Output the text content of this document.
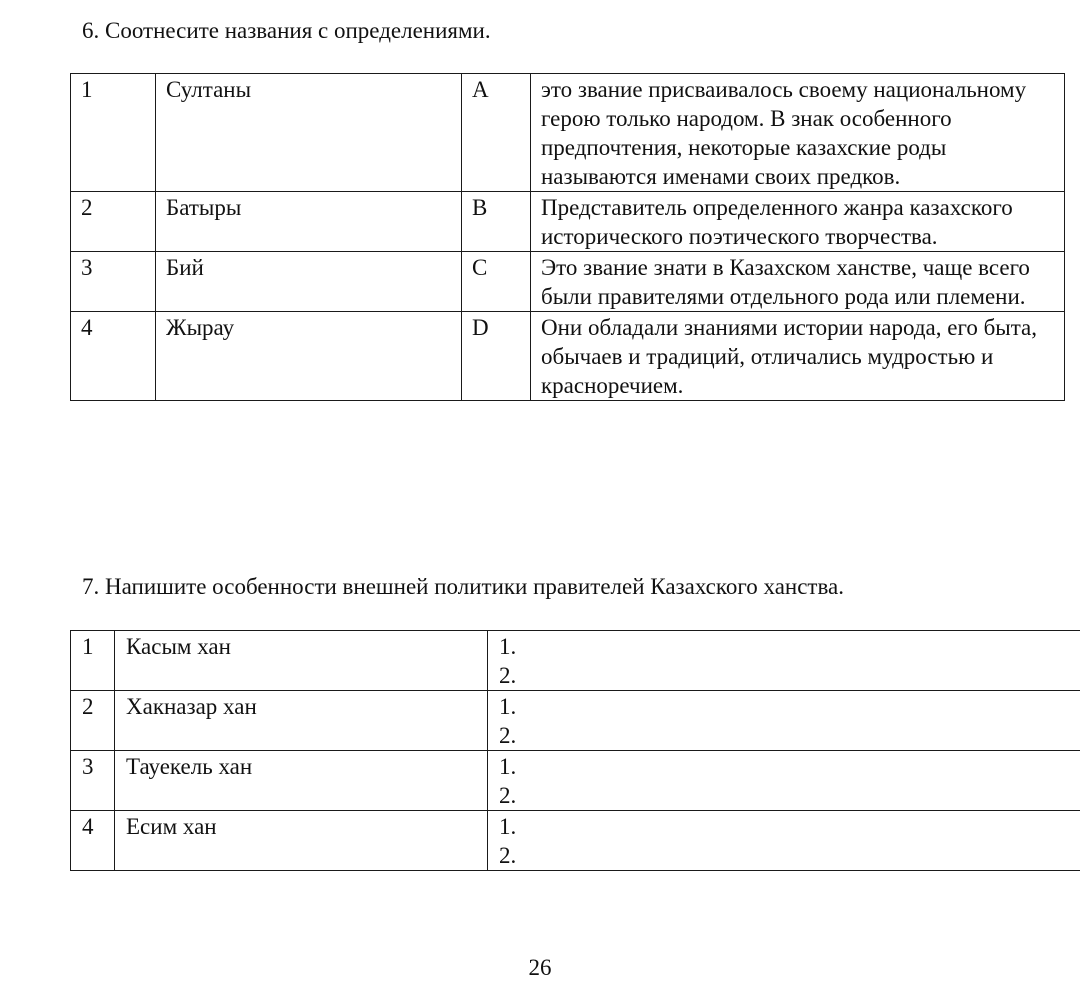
6. Соотнесите названия с определениями.
1	Султаны	A	это звание присваивалось своему национальному герою только народом. В знак особенного предпочтения, некоторые казахские роды называются именами своих предков.
2	Батыры	B	Представитель определенного жанра казахского исторического поэтического творчества.
3	Бий	C	Это звание знати в Казахском ханстве, чаще всего были правителями отдельного рода или племени.
4	Жырау	D	Они обладали знаниями истории народа, его быта, обычаев и традиций, отличались мудростью и красноречием.
7. Напишите особенности внешней политики правителей Казахского ханства.
1	Касым хан	1.
2.

2	Хакназар хан	1.
2.

3	Тауекель хан	1.
2.

4	Есим хан	1.
2.
26
